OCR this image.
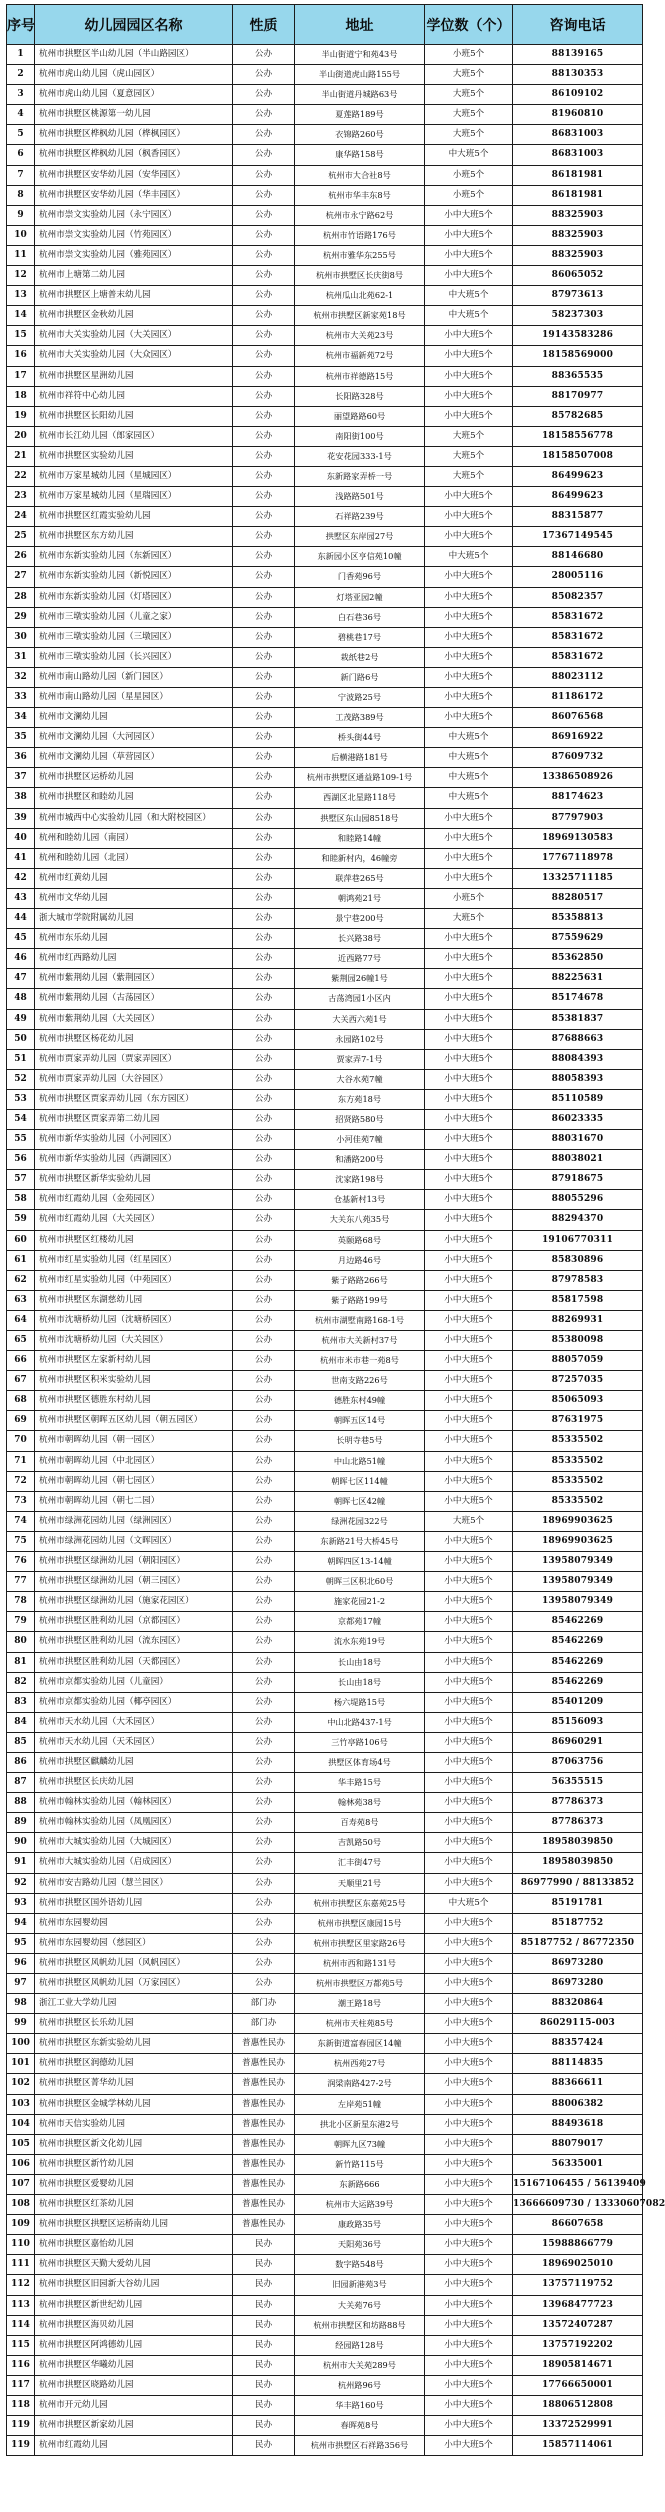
序号	幼儿园园区名称	性质	地址	学位数（个）	咨询电话
1	杭州市拱墅区半山幼儿园（半山路园区）	公办	半山街道宁和苑43号	小班5个	88139165
2	杭州市虎山幼儿园（虎山园区）	公办	半山街道虎山路155号	大班5个	88130353
3	杭州市虎山幼儿园（夏意园区）	公办	半山街道丹城路63号	大班5个	86109102
4	杭州市拱墅区桃源第一幼儿园	公办	夏莲路189号	大班5个	81960810
5	杭州市拱墅区桦枫幼儿园（桦枫园区）	公办	衣锦路260号	大班5个	86831003
6	杭州市拱墅区桦枫幼儿园（枫香园区）	公办	康华路158号	中大班5个	86831003
7	杭州市拱墅区安华幼儿园（安华园区）	公办	杭州市大合社8号	小班5个	86181981
8	杭州市拱墅区安华幼儿园（华丰园区）	公办	杭州市华丰东8号	小班5个	86181981
9	杭州市崇文实验幼儿园（永宁园区）	公办	杭州市永宁路62号	小中大班5个	88325903
10	杭州市崇文实验幼儿园（竹苑园区）	公办	杭州市竹语路176号	小中大班5个	88325903
11	杭州市崇文实验幼儿园（雅苑园区）	公办	杭州市雅华东255号	小中大班5个	88325903
12	杭州市上塘第二幼儿园	公办	杭州市拱墅区长庆街8号	小中大班5个	86065052
13	杭州市拱墅区上塘普末幼儿园	公办	杭州瓜山北苑62-1	中大班5个	87973613
14	杭州市拱墅区金秋幼儿园	公办	杭州市拱墅区新家苑18号	中大班5个	58237303
15	杭州市大关实验幼儿园（大关园区）	公办	杭州市大关苑23号	小中大班5个	19143583286
16	杭州市大关实验幼儿园（大众园区）	公办	杭州市福新苑72号	小中大班5个	18158569000
17	杭州市拱墅区星洲幼儿园	公办	杭州市祥德路15号	小中大班5个	88365535
18	杭州市祥符中心幼儿园	公办	长阳路328号	小中大班5个	88170977
19	杭州市拱墅区长阳幼儿园	公办	丽望路路60号	小中大班5个	85782685
20	杭州市长江幼儿园（郎家园区）	公办	南阳街100号	大班5个	18158556778
21	杭州市拱墅区实验幼儿园	公办	花安花园333-1号	大班5个	18158507008
22	杭州市万家星城幼儿园（星城园区）	公办	东新路家弄桥一号	大班5个	86499623
23	杭州市万家星城幼儿园（星瑞园区）	公办	浅路路501号	小中大班5个	86499623
24	杭州市拱墅区红霞实验幼儿园	公办	石祥路239号	小中大班5个	88315877
25	杭州市拱墅区东方幼儿园	公办	拱墅区东岸园27号	小中大班5个	17367149545
26	杭州市东新实验幼儿园（东新园区）	公办	东新园小区亨信苑10幢	中大班5个	88146680
27	杭州市东新实验幼儿园（新悦园区）	公办	门香苑96号	小中大班5个	28005116
28	杭州市东新实验幼儿园（灯塔园区）	公办	灯塔亚园2幢	小中大班5个	85082357
29	杭州市三墩实验幼儿园（儿童之家）	公办	白石巷36号	小中大班5个	85831672
30	杭州市三墩实验幼儿园（三墩园区）	公办	碧桃巷17号	小中大班5个	85831672
31	杭州市三墩实验幼儿园（长兴园区）	公办	栽纸巷2号	小中大班5个	85831672
32	杭州市南山路幼儿园（新门园区）	公办	新门路6号	小中大班5个	88023112
33	杭州市南山路幼儿园（星星园区）	公办	宁波路25号	小中大班5个	81186172
34	杭州市文澜幼儿园	公办	工茂路389号	小中大班5个	86076568
35	杭州市文澜幼儿园（大河园区）	公办	桥头街44号	中大班5个	86916922
36	杭州市文澜幼儿园（草营园区）	公办	后横港路181号	中大班5个	87609732
37	杭州市拱墅区运桥幼儿园	公办	杭州市拱墅区通益路109-1号	中大班5个	13386508926
38	杭州市拱墅区和睦幼儿园	公办	西湖区北星路118号	中大班5个	88174623
39	杭州市城西中心实验幼儿园（和大附校园区）	公办	拱墅区东山园8518号	小中大班5个	87797903
40	杭州和睦幼儿园（南园）	公办	和睦路14幢	小中大班5个	18969130583
41	杭州和睦幼儿园（北园）	公办	和睦新村内，46幢旁	小中大班5个	17767118978
42	杭州市红黄幼儿园	公办	联萍巷265号	小中大班5个	13325711185
43	杭州市文华幼儿园	公办	朝鸿苑21号	小班5个	88280517
44	浙大城市学院附属幼儿园	公办	景宁巷200号	大班5个	85358813
45	杭州市东乐幼儿园	公办	长兴路38号	小中大班5个	87559629
46	杭州市红西路幼儿园	公办	近西路77号	小中大班5个	85362850
47	杭州市紫荆幼儿园（紫荆园区）	公办	紫荆园26幢1号	小中大班5个	88225631
48	杭州市紫荆幼儿园（古荡园区）	公办	古荡湾园1小区内	小中大班5个	85174678
49	杭州市紫荆幼儿园（大关园区）	公办	大关西六苑1号	小中大班5个	85381837
50	杭州市拱墅区杨花幼儿园	公办	永园路102号	小中大班5个	87688663
51	杭州市贾家弄幼儿园（贾家弄园区）	公办	贾家弄7-1号	小中大班5个	88084393
52	杭州市贾家弄幼儿园（大谷园区）	公办	大谷水苑7幢	小中大班5个	88058393
53	杭州市拱墅区贾家弄幼儿园（东方园区）	公办	东方苑18号	小中大班5个	85110589
54	杭州市拱墅区贾家弄第二幼儿园	公办	招贤路580号	小中大班5个	86023335
55	杭州市新华实验幼儿园（小河园区）	公办	小河佳苑7幢	小中大班5个	88031670
56	杭州市新华实验幼儿园（西湖园区）	公办	和潘路200号	小中大班5个	88038021
57	杭州市拱墅区新华实验幼儿园	公办	沈家路198号	小中大班5个	87918675
58	杭州市红霞幼儿园（金苑园区）	公办	仓基新村13号	小中大班5个	88055296
59	杭州市红霞幼儿园（大关园区）	公办	大关东八苑35号	小中大班5个	88294370
60	杭州市拱墅区红楼幼儿园	公办	英颐路68号	小中大班5个	19106770311
61	杭州市红星实验幼儿园（红星园区）	公办	月边路46号	小中大班5个	85830896
62	杭州市红星实验幼儿园（中苑园区）	公办	紫子路路266号	小中大班5个	87978583
63	杭州市拱墅区东湖慈幼儿园	公办	紫子路路199号	小中大班5个	85817598
64	杭州市沈塘桥幼儿园（沈塘桥园区）	公办	杭州市湖墅南路168-1号	小中大班5个	88269931
65	杭州市沈塘桥幼儿园（大关园区）	公办	杭州市大关新村37号	小中大班5个	85380098
66	杭州市拱墅区左家新村幼儿园	公办	杭州市米市巷一苑8号	小中大班5个	88057059
67	杭州市拱墅区积米实验幼儿园	公办	世南支路226号	小中大班5个	87257035
68	杭州市拱墅区德胜东村幼儿园	公办	德胜东村49幢	小中大班5个	85065093
69	杭州市拱墅区朝晖五区幼儿园（朝五园区）	公办	朝晖五区14号	小中大班5个	87631975
70	杭州市朝晖幼儿园（朝一园区）	公办	长明寺巷5号	小中大班5个	85335502
71	杭州市朝晖幼儿园（中北园区）	公办	中山北路51幢	小中大班5个	85335502
72	杭州市朝晖幼儿园（朝七园区）	公办	朝晖七区114幢	小中大班5个	85335502
73	杭州市朝晖幼儿园（朝七二园）	公办	朝晖七区42幢	小中大班5个	85335502
74	杭州市绿洲花园幼儿园（绿洲园区）	公办	绿洲花园322号	大班5个	18969903625
75	杭州市绿洲花园幼儿园（文晖园区）	公办	东新路21号大桥45号	小中大班5个	18969903625
76	杭州市拱墅区绿洲幼儿园（朝阳园区）	公办	朝晖四区13-14幢	小中大班5个	13958079349
77	杭州市拱墅区绿洲幼儿园（朝三园区）	公办	朝晖三区积北60号	小中大班5个	13958079349
78	杭州市拱墅区绿洲幼儿园（施家花园区）	公办	施家花园21-2	小中大班5个	13958079349
79	杭州市拱墅区胜利幼儿园（京都园区）	公办	京都苑17幢	小中大班5个	85462269
80	杭州市拱墅区胜利幼儿园（流东园区）	公办	流水东苑19号	小中大班5个	85462269
81	杭州市拱墅区胜利幼儿园（天都园区）	公办	长山由18号	小中大班5个	85462269
82	杭州市京都实验幼儿园（儿童园）	公办	长山由18号	小中大班5个	85462269
83	杭州市京都实验幼儿园（椰亭园区）	公办	杨六堤路15号	小中大班5个	85401209
84	杭州市天水幼儿园（大禾园区）	公办	中山北路437-1号	小中大班5个	85156093
85	杭州市天水幼儿园（天禾园区）	公办	三竹亭路106号	小中大班5个	86960291
86	杭州市拱墅区麒麟幼儿园	公办	拱墅区体育场4号	小中大班5个	87063756
87	杭州市拱墅区长庆幼儿园	公办	华丰路15号	小中大班5个	56355515
88	杭州市翰林实验幼儿园（翰林园区）	公办	翰林苑38号	小中大班5个	87786373
89	杭州市翰林实验幼儿园（凤凰园区）	公办	百寿苑8号	小中大班5个	87786373
90	杭州市大城实验幼儿园（大城园区）	公办	吉凯路50号	小中大班5个	18958039850
91	杭州市大城实验幼儿园（启成园区）	公办	汇丰街47号	小中大班5个	18958039850
92	杭州市安吉路幼儿园（慧兰园区）	公办	天顺里21号	小中大班5个	86977990 / 88133852
93	杭州市拱墅区国外语幼儿园	公办	杭州市拱墅区东嘉苑25号	中大班5个	85191781
94	杭州市东园婴幼园	公办	杭州市拱墅区康园15号	小中大班5个	85187752
95	杭州市东园婴幼园（慈园区）	公办	杭州市拱墅区里家路26号	小中大班5个	85187752 / 86772350
96	杭州市拱墅区风帆幼儿园（风帆园区）	公办	杭州市西和路131号	小中大班5个	86973280
97	杭州市拱墅区风帆幼儿园（万家园区）	公办	杭州市拱墅区万都苑5号	小中大班5个	86973280
98	浙江工业大学幼儿园	部门办	潮王路18号	小中大班5个	88320864
99	杭州市拱墅区长乐幼儿园	部门办	杭州市天柱苑85号	小中大班5个	86029115-003
100	杭州市拱墅区东新实验幼儿园	普惠性民办	东新街道富春园区14幢	小中大班5个	88357424
101	杭州市拱墅区润德幼儿园	普惠性民办	杭州西苑27号	小中大班5个	88114835
102	杭州市拱墅区菁华幼儿园	普惠性民办	润梁南路427-2号	小中大班5个	88366611
103	杭州市拱墅区金城学林幼儿园	普惠性民办	左岸苑51幢	小中大班5个	88006382
104	杭州市天信实验幼儿园	普惠性民办	拱北小区新星东港2号	小中大班5个	88493618
105	杭州市拱墅区新文化幼儿园	普惠性民办	朝晖九区73幢	小中大班5个	88079017
106	杭州市拱墅区新竹幼儿园	普惠性民办	新竹路115号	小中大班5个	56335001
107	杭州市拱墅区爱婴幼儿园	普惠性民办	东新路666	小中大班5个	15167106455 / 56139409
108	杭州市拱墅区红茶幼儿园	普惠性民办	杭州市大运路39号	小中大班5个	13666609730 / 13330607082
109	杭州市拱墅区拱墅区运桥南幼儿园	普惠性民办	康政路35号	小中大班5个	86607658
110	杭州市拱墅区嘉怡幼儿园	民办	天阳苑36号	小中大班5个	15988866779
111	杭州市拱墅区天勤大爱幼儿园	民办	数字路548号	小中大班5个	18969025010
112	杭州市拱墅区旧园新大谷幼儿园	民办	旧园新港苑3号	小中大班5个	13757119752
113	杭州市拱墅区新世纪幼儿园	民办	大关苑76号	小中大班5个	13968477723
114	杭州市拱墅区海贝幼儿园	民办	杭州市拱墅区和坊路88号	小中大班5个	13572407287
115	杭州市拱墅区阿鸿德幼儿园	民办	经园路128号	小中大班5个	13757192202
116	杭州市拱墅区华曦幼儿园	民办	杭州市大关苑289号	小中大班5个	18905814671
117	杭州市拱墅区晓路幼儿园	民办	杭州路96号	小中大班5个	17766650001
118	杭州市开元幼儿园	民办	华丰路160号	小中大班5个	18806512808
119	杭州市拱墅区新家幼儿园	民办	春晖苑8号	小中大班5个	13372529991
119	杭州市红霞幼儿园	民办	杭州市拱墅区石祥路356号	小中大班5个	15857114061
